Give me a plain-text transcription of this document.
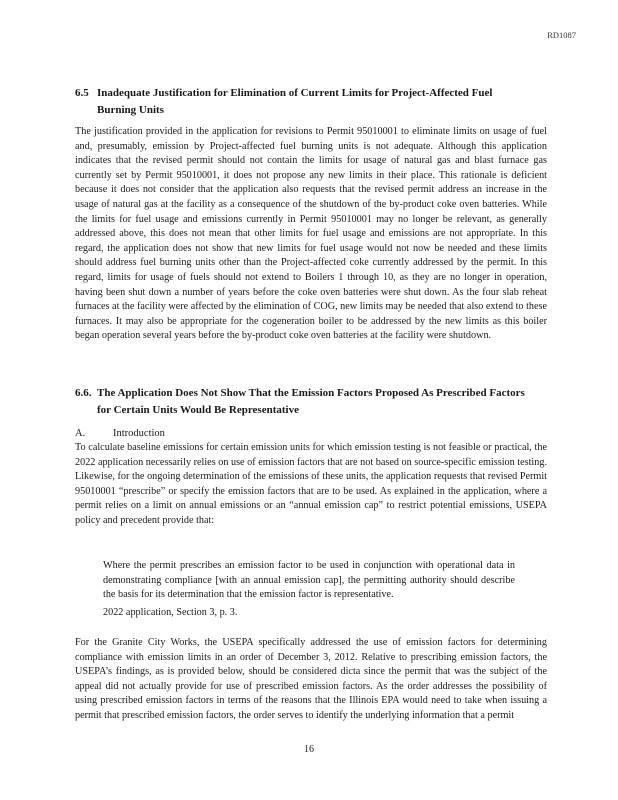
RD1087
6.5 Inadequate Justification for Elimination of Current Limits for Project-Affected Fuel
Burning Units

The justification provided in the application for revisions to Permit 95010001 to eliminate limits on usage of fuel and, presumably, emission by Project-affected fuel burning units is not adequate. Although this application indicates that the revised permit should not contain the limits for usage of natural gas and blast furnace gas currently set by Permit 95010001, it does not propose any new limits in their place. This rationale is deficient because it does not consider that the application also requests that the revised permit address an increase in the usage of natural gas at the facility as a consequence of the shutdown of the by-product coke oven batteries. While the limits for fuel usage and emissions currently in Permit 95010001 may no longer be relevant, as generally addressed above, this does not mean that other limits for fuel usage and emissions are not appropriate. In this regard, the application does not show that new limits for fuel usage would not now be needed and these limits should address fuel burning units other than the Project-affected coke currently addressed by the permit. In this regard, limits for usage of fuels should not extend to Boilers 1 through 10, as they are no longer in operation, having been shut down a number of years before the coke oven batteries were shut down. As the four slab reheat furnaces at the facility were affected by the elimination of COG, new limits may be needed that also extend to these furnaces. It may also be appropriate for the cogeneration boiler to be addressed by the new limits as this boiler began operation several years before the by-product coke oven batteries at the facility were shutdown.

6.6. The Application Does Not Show That the Emission Factors Proposed As Prescribed Factors
for Certain Units Would Be Representative
A.	Introduction

To calculate baseline emissions for certain emission units for which emission testing is not feasible or practical, the 2022 application necessarily relies on use of emission factors that are not based on source-specific emission testing. Likewise, for the ongoing determination of the emissions of these units, the application requests that revised Permit 95010001 “prescribe” or specify the emission factors that are to be used. As explained in the application, where a permit relies on a limit on annual emissions or an “annual emission cap” to restrict potential emissions, USEPA policy and precedent provide that:

Where the permit prescribes an emission factor to be used in conjunction with operational data in demonstrating compliance [with an annual emission cap], the permitting authority should describe the basis for its determination that the emission factor is representative.

2022 application, Section 3, p. 3.

For the Granite City Works, the USEPA specifically addressed the use of emission factors for determining compliance with emission limits in an order of December 3, 2012. Relative to prescribing emission factors, the USEPA’s findings, as is provided below, should be considered dicta since the permit that was the subject of the appeal did not actually provide for use of prescribed emission factors. As the order addresses the possibility of using prescribed emission factors in terms of the reasons that the Illinois EPA would need to take when issuing a permit that prescribed emission factors, the order serves to identify the underlying information that a permit

16
